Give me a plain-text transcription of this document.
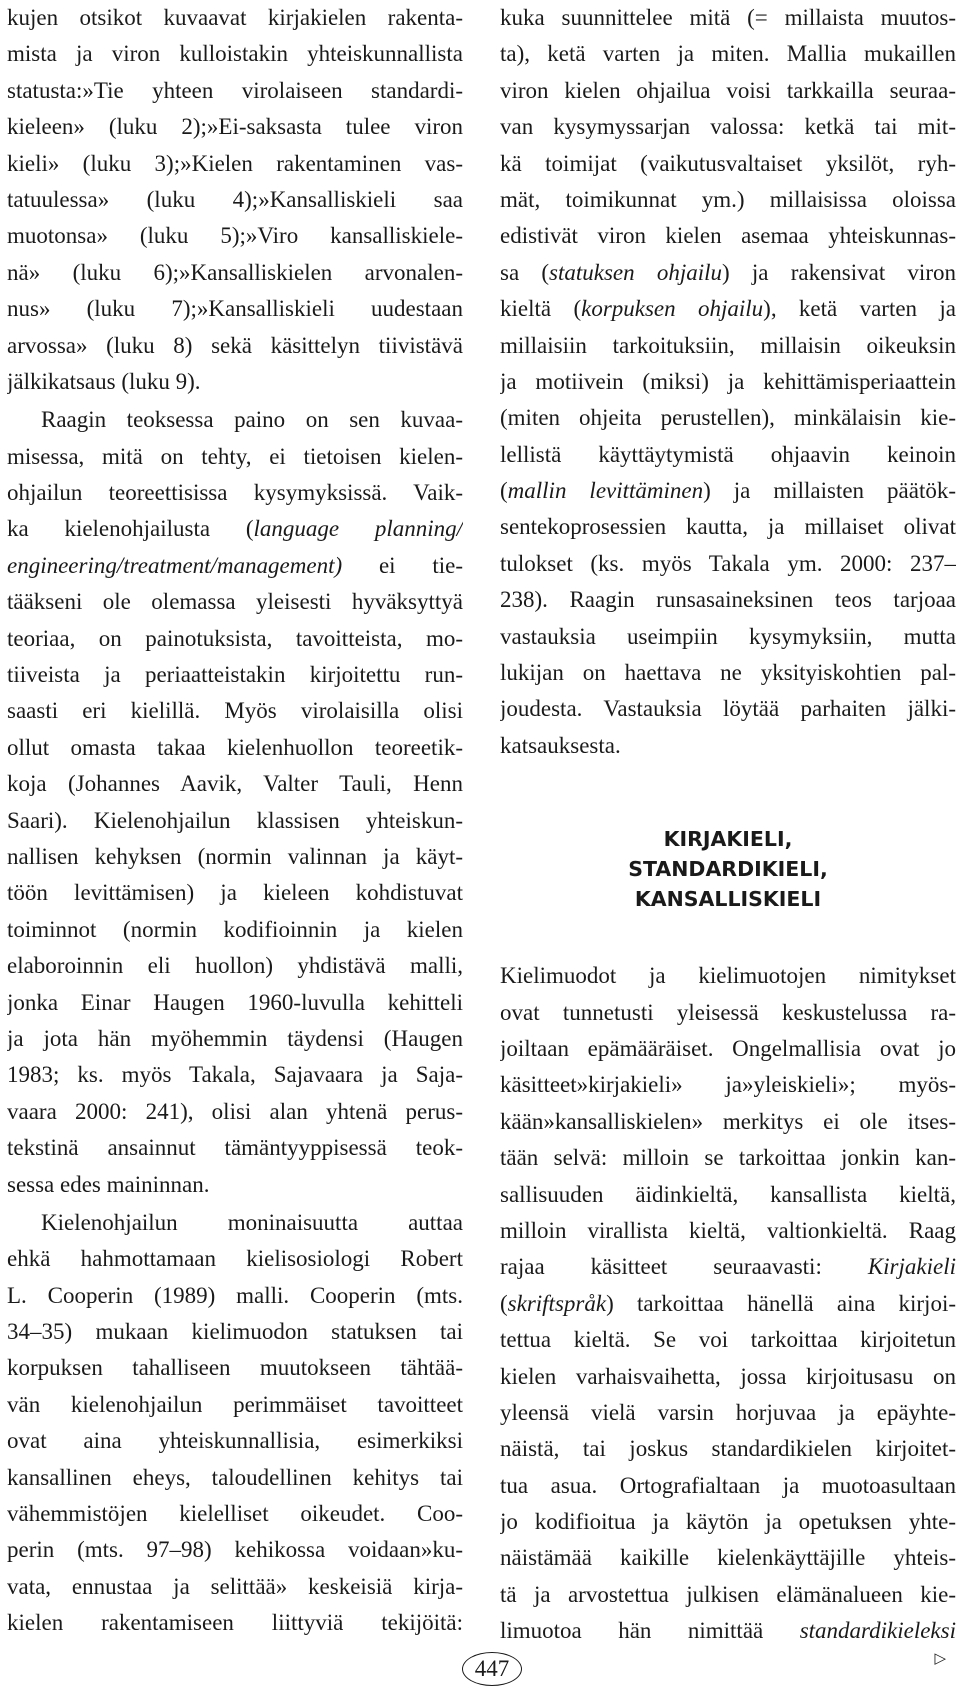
kujen otsikot kuvaavat kirjakielen rakenta-
mista ja viron kulloistakin yhteiskunnallista
statusta:»Tie yhteen virolaiseen standardi-
kieleen» (luku 2);»Ei-saksasta tulee viron
kieli» (luku 3);»Kielen rakentaminen vas-
tatuulessa» (luku 4);»Kansalliskieli saa
muotonsa» (luku 5);»Viro kansalliskiele-
nä» (luku 6);»Kansalliskielen arvonalen-
nus» (luku 7);»Kansalliskieli uudestaan
arvossa» (luku 8) sekä käsittelyn tiivistävä
jälkikatsaus (luku 9).
Raagin teoksessa paino on sen kuvaa-
misessa, mitä on tehty, ei tietoisen kielen-
ohjailun teoreettisissa kysymyksissä. Vaik-
ka kielenohjailusta (language planning/
engineering/treatment/management) ei tie-
tääkseni ole olemassa yleisesti hyväksyttyä
teoriaa, on painotuksista, tavoitteista, mo-
tiiveista ja periaatteistakin kirjoitettu run-
saasti eri kielillä. Myös virolaisilla olisi
ollut omasta takaa kielenhuollon teoreetik-
koja (Johannes Aavik, Valter Tauli, Henn
Saari). Kielenohjailun klassisen yhteiskun-
nallisen kehyksen (normin valinnan ja käyt-
töön levittämisen) ja kieleen kohdistuvat
toiminnot (normin kodifioinnin ja kielen
elaboroinnin eli huollon) yhdistävä malli,
jonka Einar Haugen 1960-luvulla kehitteli
ja jota hän myöhemmin täydensi (Haugen
1983; ks. myös Takala, Sajavaara ja Saja-
vaara 2000: 241), olisi alan yhtenä perus-
tekstinä ansainnut tämäntyyppisessä teok-
sessa edes maininnan.
Kielenohjailun moninaisuutta auttaa
ehkä hahmottamaan kielisosiologi Robert
L. Cooperin (1989) malli. Cooperin (mts.
34–35) mukaan kielimuodon statuksen tai
korpuksen tahalliseen muutokseen tähtää-
vän kielenohjailun perimmäiset tavoitteet
ovat aina yhteiskunnallisia, esimerkiksi
kansallinen eheys, taloudellinen kehitys tai
vähemmistöjen kielelliset oikeudet. Coo-
perin (mts. 97–98) kehikossa voidaan»ku-
vata, ennustaa ja selittää» keskeisiä kirja-
kielen rakentamiseen liittyviä tekijöitä:
kuka suunnittelee mitä (= millaista muutos-
ta), ketä varten ja miten. Mallia mukaillen
viron kielen ohjailua voisi tarkkailla seuraa-
van kysymyssarjan valossa: ketkä tai mit-
kä toimijat (vaikutusvaltaiset yksilöt, ryh-
mät, toimikunnat ym.) millaisissa oloissa
edistivät viron kielen asemaa yhteiskunnas-
sa (statuksen ohjailu) ja rakensivat viron
kieltä (korpuksen ohjailu), ketä varten ja
millaisiin tarkoituksiin, millaisin oikeuksin
ja motiivein (miksi) ja kehittämisperiaattein
(miten ohjeita perustellen), minkälaisin kie-
lellistä käyttäytymistä ohjaavin keinoin
(mallin levittäminen) ja millaisten päätök-
sentekoprosessien kautta, ja millaiset olivat
tulokset (ks. myös Takala ym. 2000: 237–
238). Raagin runsasaineksinen teos tarjoaa
vastauksia useimpiin kysymyksiin, mutta
lukijan on haettava ne yksityiskohtien pal-
joudesta. Vastauksia löytää parhaiten jälki-
katsauksesta.
KIRJAKIELI,
STANDARDIKIELI,
KANSALLISKIELI
Kielimuodot ja kielimuotojen nimitykset
ovat tunnetusti yleisessä keskustelussa ra-
joiltaan epämääräiset. Ongelmallisia ovat jo
käsitteet»kirjakieli» ja»yleiskieli»; myös-
kään»kansalliskielen» merkitys ei ole itses-
tään selvä: milloin se tarkoittaa jonkin kan-
sallisuuden äidinkieltä, kansallista kieltä,
milloin virallista kieltä, valtionkieltä. Raag
rajaa käsitteet seuraavasti: Kirjakieli
(skriftspråk) tarkoittaa hänellä aina kirjoi-
tettua kieltä. Se voi tarkoittaa kirjoitetun
kielen varhaisvaihetta, jossa kirjoitusasu on
yleensä vielä varsin horjuvaa ja epäyhte-
näistä, tai joskus standardikielen kirjoitet-
tua asua. Ortografialtaan ja muotoasultaan
jo kodifioitua ja käytön ja opetuksen yhte-
näistämää kaikille kielenkäyttäjille yhteis-
tä ja arvostettua julkisen elämänalueen kie-
limuotoa hän nimittää standardikieleksi
▷
447
